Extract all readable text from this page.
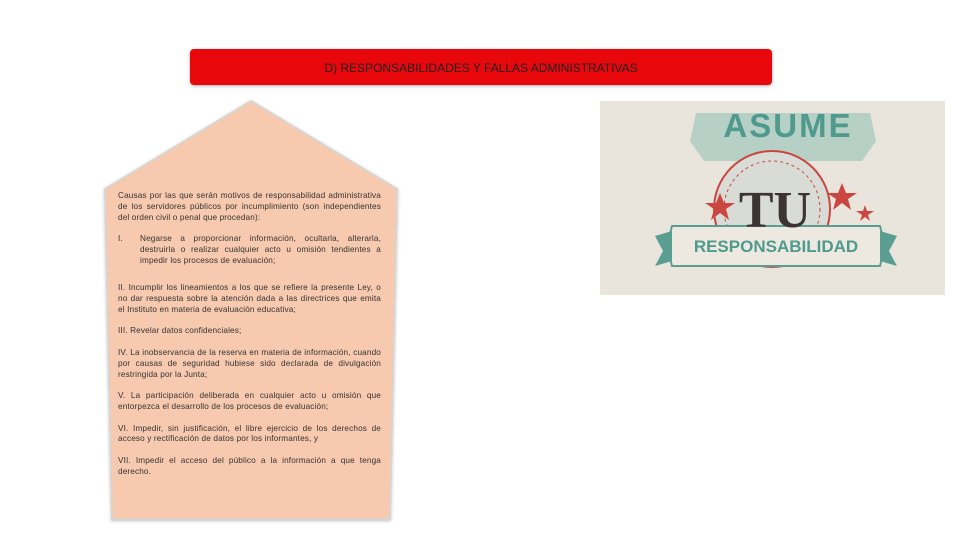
D) RESPONSABILIDADES Y FALLAS ADMINISTRATIVAS

Causas por las que serán motivos de responsabilidad administrativa de los servidores públicos por incumplimiento (son independientes del orden civil o penal que procedan):

I.	Negarse a proporcionar información, ocultarla, alterarla, destruirla o realizar cualquier acto u omisión tendientes a impedir los procesos de evaluación;

II. Incumplir los lineamientos a los que se refiere la presente Ley, o no dar respuesta sobre la atención dada a las directrices que emita el Instituto en materia de evaluación educativa;

III. Revelar datos confidenciales;

IV. La inobservancia de la reserva en materia de información, cuando por causas de seguridad hubiese sido declarada de divulgación restringida por la Junta;

V. La participación deliberada en cualquier acto u omisión que entorpezca el desarrollo de los procesos de evaluación;

VI. Impedir, sin justificación, el libre ejercicio de los derechos de acceso y rectificación de datos por los informantes, y

VII. Impedir el acceso del público a la información a que tenga derecho.

ASUME
TU
RESPONSABILIDAD
